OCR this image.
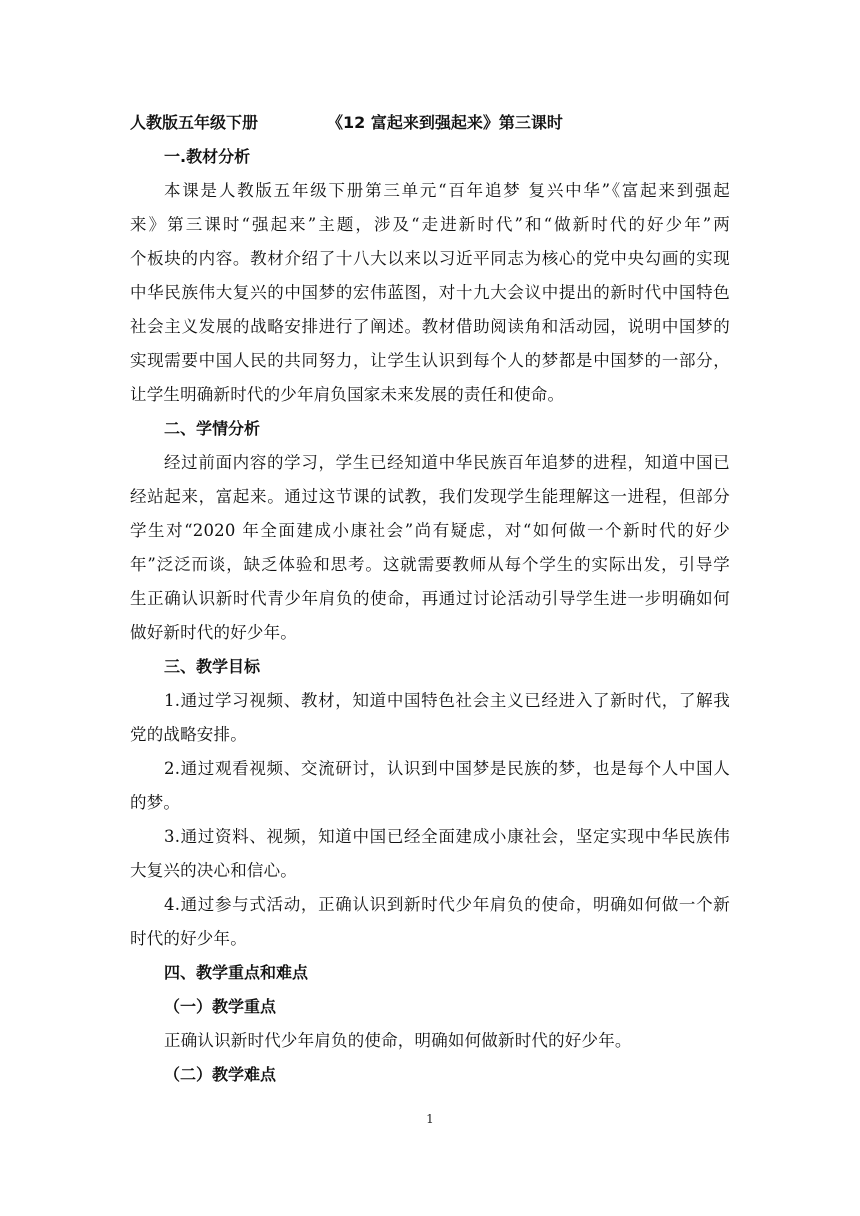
人教版五年级下册	《12 富起来到强起来》第三课时
一.教材分析
本课是人教版五年级下册第三单元“百年追梦 复兴中华”《富起来到强起
来》第三课时“强起来”主题，涉及“走进新时代”和“做新时代的好少年”两
个板块的内容。教材介绍了十八大以来以习近平同志为核心的党中央勾画的实现
中华民族伟大复兴的中国梦的宏伟蓝图，对十九大会议中提出的新时代中国特色
社会主义发展的战略安排进行了阐述。教材借助阅读角和活动园，说明中国梦的
实现需要中国人民的共同努力，让学生认识到每个人的梦都是中国梦的一部分，
让学生明确新时代的少年肩负国家未来发展的责任和使命。
二、学情分析
经过前面内容的学习，学生已经知道中华民族百年追梦的进程，知道中国已
经站起来，富起来。通过这节课的试教，我们发现学生能理解这一进程，但部分
学生对“2020 年全面建成小康社会”尚有疑虑，对“如何做一个新时代的好少
年”泛泛而谈，缺乏体验和思考。这就需要教师从每个学生的实际出发，引导学
生正确认识新时代青少年肩负的使命，再通过讨论活动引导学生进一步明确如何
做好新时代的好少年。
三、教学目标
1.通过学习视频、教材，知道中国特色社会主义已经进入了新时代，了解我
党的战略安排。
2.通过观看视频、交流研讨，认识到中国梦是民族的梦，也是每个人中国人
的梦。
3.通过资料、视频，知道中国已经全面建成小康社会，坚定实现中华民族伟
大复兴的决心和信心。
4.通过参与式活动，正确认识到新时代少年肩负的使命，明确如何做一个新
时代的好少年。
四、教学重点和难点
（一）教学重点
正确认识新时代少年肩负的使命，明确如何做新时代的好少年。
（二）教学难点
1
